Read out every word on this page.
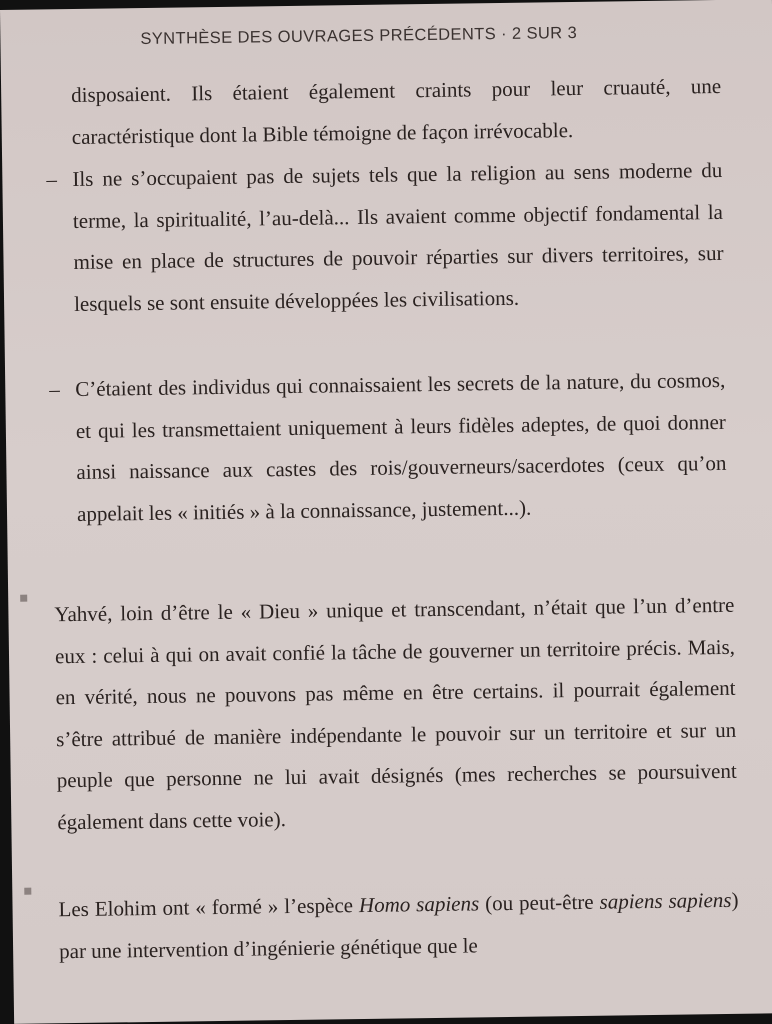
SYNTHÈSE DES OUVRAGES PRÉCÉDENTS · 2 SUR 3
disposaient. Ils étaient également craints pour leur cruauté, une caractéristique dont la Bible témoigne de façon irrévocable.
– Ils ne s’occupaient pas de sujets tels que la religion au sens moderne du terme, la spiritualité, l’au-delà... Ils avaient comme objectif fondamental la mise en place de structures de pouvoir réparties sur divers territoires, sur lesquels se sont ensuite développées les civilisations.
– C’étaient des individus qui connaissaient les secrets de la nature, du cosmos, et qui les transmettaient uniquement à leurs fidèles adeptes, de quoi donner ainsi naissance aux castes des rois/gouverneurs/sacerdotes (ceux qu’on appelait les « initiés » à la connaissance, justement...).
Yahvé, loin d’être le « Dieu » unique et transcendant, n’était que l’un d’entre eux : celui à qui on avait confié la tâche de gouverner un territoire précis. Mais, en vérité, nous ne pouvons pas même en être certains. il pourrait également s’être attribué de manière indépendante le pouvoir sur un territoire et sur un peuple que personne ne lui avait désignés (mes recherches se poursuivent également dans cette voie).
Les Elohim ont « formé » l’espèce Homo sapiens (ou peut-être sapiens sapiens) par une intervention d’ingénierie génétique que le
